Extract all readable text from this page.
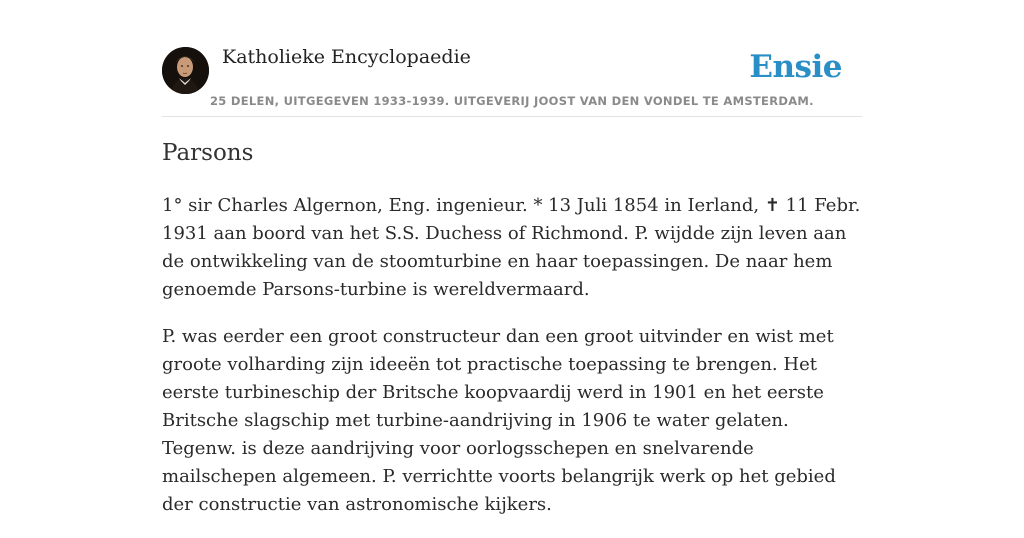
Katholieke Encyclopaedie	Ensie
25 DELEN, UITGEGEVEN 1933-1939. UITGEVERIJ JOOST VAN DEN VONDEL TE AMSTERDAM.
Parsons

1° sir Charles Algernon, Eng. ingenieur. * 13 Juli 1854 in Ierland, ✝ 11 Febr. 1931 aan boord van het S.S. Duchess of Richmond. P. wijdde zijn leven aan de ontwikkeling van de stoomturbine en haar toepassingen. De naar hem genoemde Parsons-turbine is wereldvermaard.

P. was eerder een groot constructeur dan een groot uitvinder en wist met groote volharding zijn ideeën tot practische toepassing te brengen. Het eerste turbineschip der Britsche koopvaardij werd in 1901 en het eerste Britsche slagschip met turbine-aandrijving in 1906 te water gelaten. Tegenw. is deze aandrijving voor oorlogsschepen en snelvarende mailschepen algemeen. P. verrichtte voorts belangrijk werk op het gebied der constructie van astronomische kijkers.
